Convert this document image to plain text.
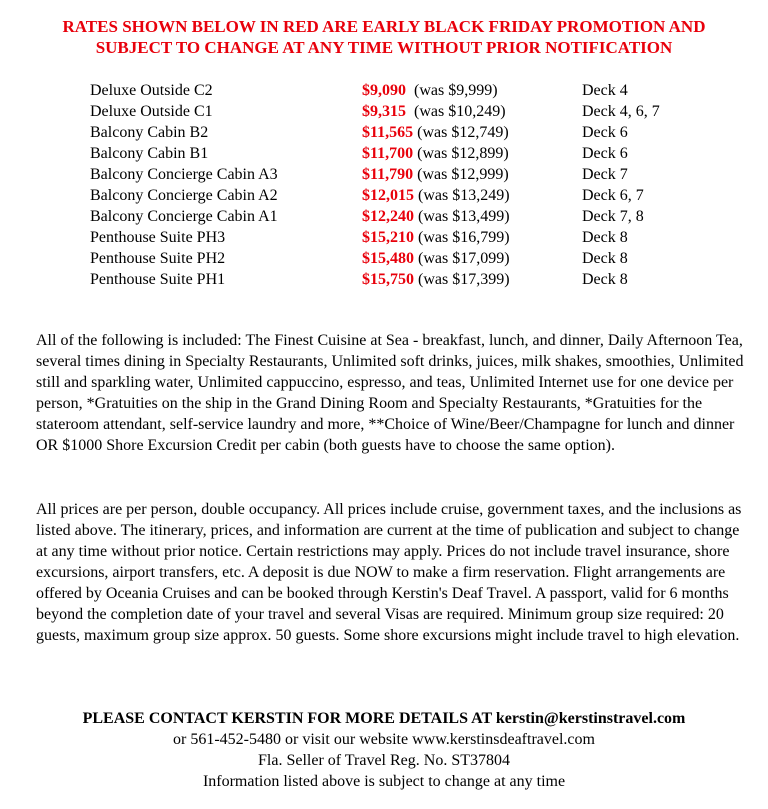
RATES SHOWN BELOW IN RED ARE EARLY BLACK FRIDAY PROMOTION AND
SUBJECT TO CHANGE AT ANY TIME WITHOUT PRIOR NOTIFICATION
Deluxe Outside C2	$9,090  (was $9,999)	Deck 4
Deluxe Outside C1	$9,315  (was $10,249)	Deck 4, 6, 7
Balcony Cabin B2	$11,565 (was $12,749)	Deck 6
Balcony Cabin B1	$11,700 (was $12,899)	Deck 6
Balcony Concierge Cabin A3	$11,790 (was $12,999)	Deck 7
Balcony Concierge Cabin A2	$12,015 (was $13,249)	Deck 6, 7
Balcony Concierge Cabin A1	$12,240 (was $13,499)	Deck 7, 8
Penthouse Suite PH3	$15,210 (was $16,799)	Deck 8
Penthouse Suite PH2	$15,480 (was $17,099)	Deck 8
Penthouse Suite PH1	$15,750 (was $17,399)	Deck 8
All of the following is included: The Finest Cuisine at Sea - breakfast, lunch, and dinner, Daily Afternoon Tea, several times dining in Specialty Restaurants, Unlimited soft drinks, juices, milk shakes, smoothies, Unlimited still and sparkling water, Unlimited cappuccino, espresso, and teas, Unlimited Internet use for one device per person, *Gratuities on the ship in the Grand Dining Room and Specialty Restaurants, *Gratuities for the stateroom attendant, self-service laundry and more, **Choice of Wine/Beer/Champagne for lunch and dinner OR $1000 Shore Excursion Credit per cabin (both guests have to choose the same option).
All prices are per person, double occupancy. All prices include cruise, government taxes, and the inclusions as listed above. The itinerary, prices, and information are current at the time of publication and subject to change at any time without prior notice. Certain restrictions may apply. Prices do not include travel insurance, shore excursions, airport transfers, etc. A deposit is due NOW to make a firm reservation. Flight arrangements are offered by Oceania Cruises and can be booked through Kerstin's Deaf Travel. A passport, valid for 6 months beyond the completion date of your travel and several Visas are required. Minimum group size required: 20 guests, maximum group size approx. 50 guests. Some shore excursions might include travel to high elevation.
PLEASE CONTACT KERSTIN FOR MORE DETAILS AT kerstin@kerstinstravel.com
or 561-452-5480 or visit our website www.kerstinsdeaftravel.com
Fla. Seller of Travel Reg. No. ST37804
Information listed above is subject to change at any time
